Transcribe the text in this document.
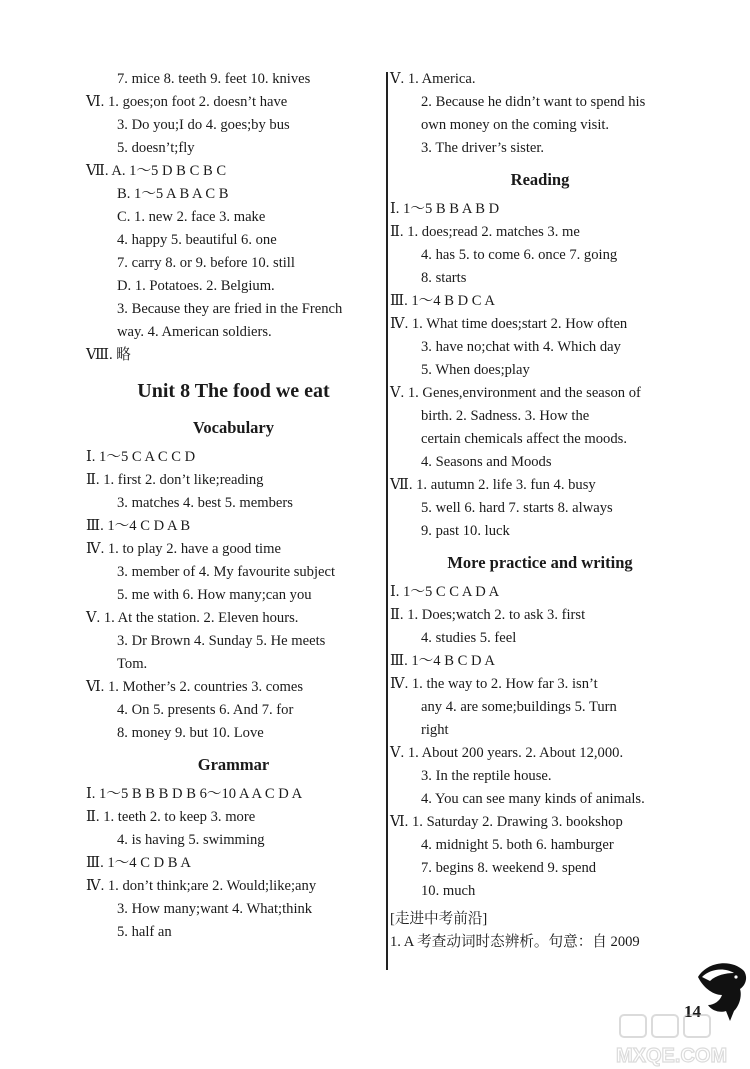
7. mice 8. teeth 9. feet 10. knives
Ⅵ. 1. goes;on foot 2. doesn’t have
3. Do you;I do 4. goes;by bus
5. doesn’t;fly
Ⅶ. A. 1～5 D B C B C
B. 1～5 A B A C B
C. 1. new 2. face 3. make
4. happy 5. beautiful 6. one
7. carry 8. or 9. before 10. still
D. 1. Potatoes. 2. Belgium.
3. Because they are fried in the French
way. 4. American soldiers.
Ⅷ. 略
Unit 8 The food we eat
Vocabulary
Ⅰ. 1～5 C A C C D
Ⅱ. 1. first 2. don’t like;reading
3. matches 4. best 5. members
Ⅲ. 1～4 C D A B
Ⅳ. 1. to play 2. have a good time
3. member of 4. My favourite subject
5. me with 6. How many;can you
Ⅴ. 1. At the station. 2. Eleven hours.
3. Dr Brown 4. Sunday 5. He meets
Tom.
Ⅵ. 1. Mother’s 2. countries 3. comes
4. On 5. presents 6. And 7. for
8. money 9. but 10. Love
Grammar
Ⅰ. 1～5 B B B D B 6～10 A A C D A
Ⅱ. 1. teeth 2. to keep 3. more
4. is having 5. swimming
Ⅲ. 1～4 C D B A
Ⅳ. 1. don’t think;are 2. Would;like;any
3. How many;want 4. What;think
5. half an
Ⅴ. 1. America.
2. Because he didn’t want to spend his
own money on the coming visit.
3. The driver’s sister.
Reading
Ⅰ. 1～5 B B A B D
Ⅱ. 1. does;read 2. matches 3. me
4. has 5. to come 6. once 7. going
8. starts
Ⅲ. 1～4 B D C A
Ⅳ. 1. What time does;start 2. How often
3. have no;chat with 4. Which day
5. When does;play
Ⅴ. 1. Genes,environment and the season of
birth. 2. Sadness. 3. How the
certain chemicals affect the moods.
4. Seasons and Moods
Ⅶ. 1. autumn 2. life 3. fun 4. busy
5. well 6. hard 7. starts 8. always
9. past 10. luck
More practice and writing
Ⅰ. 1～5 C C A D A
Ⅱ. 1. Does;watch 2. to ask 3. first
4. studies 5. feel
Ⅲ. 1～4 B C D A
Ⅳ. 1. the way to 2. How far 3. isn’t
any 4. are some;buildings 5. Turn
right
Ⅴ. 1. About 200 years. 2. About 12,000.
3. In the reptile house.
4. You can see many kinds of animals.
Ⅵ. 1. Saturday 2. Drawing 3. bookshop
4. midnight 5. both 6. hamburger
7. begins 8. weekend 9. spend
10. much
[走进中考前沿]
1. A 考查动词时态辨析。句意：自 2009
14
MXQE.COM
